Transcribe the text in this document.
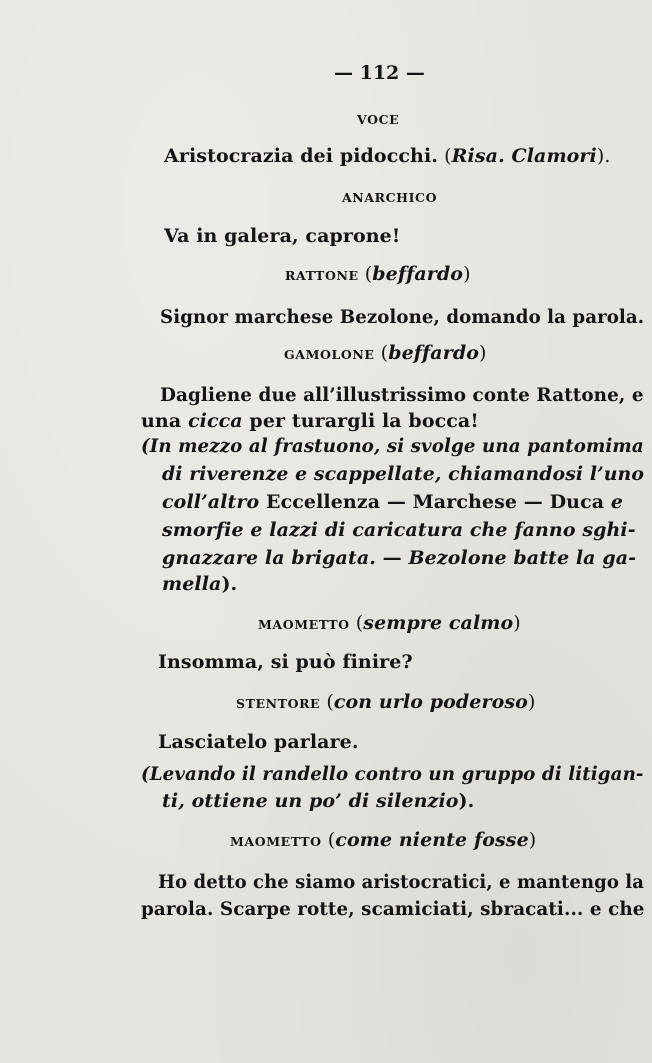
— 112 —
VOCE
Aristocrazia dei pidocchi. (Risa. Clamori).
ANARCHICO
Va in galera, caprone!
RATTONE (beffardo)
Signor marchese Bezolone, domando la parola.
GAMOLONE (beffardo)
Dagliene due all’illustrissimo conte Rattone, e
una cicca per turargli la bocca!
(In mezzo al frastuono, si svolge una pantomima
di riverenze e scappellate, chiamandosi l’uno
coll’altro Eccellenza — Marchese — Duca e
smorfie e lazzi di caricatura che fanno sghi-
gnazzare la brigata. — Bezolone batte la ga-
mella).
MAOMETTO (sempre calmo)
Insomma, si può finire?
STENTORE (con urlo poderoso)
Lasciatelo parlare.
(Levando il randello contro un gruppo di litigan-
ti, ottiene un po’ di silenzio).
MAOMETTO (come niente fosse)
Ho detto che siamo aristocratici, e mantengo la
parola. Scarpe rotte, scamiciati, sbracati... e che
